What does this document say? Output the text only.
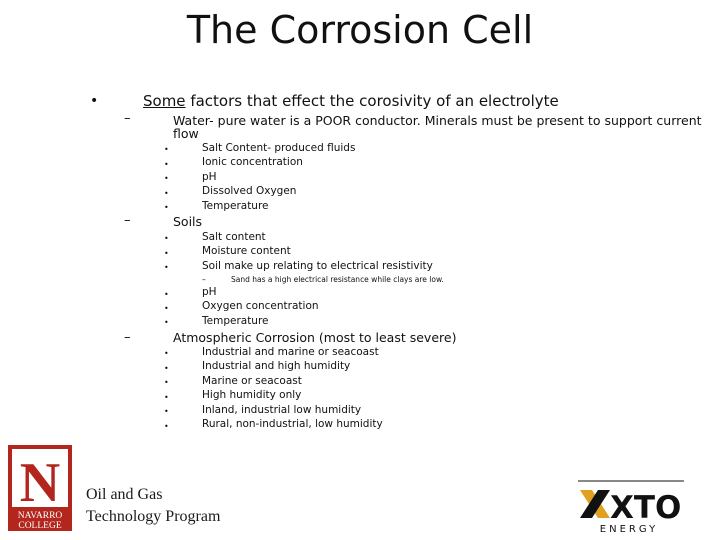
The Corrosion Cell
•	Some factors that effect the corosivity of an electrolyte
–	Water- pure water is a POOR conductor. Minerals must be present to support current
flow
•	Salt Content- produced fluids
•	Ionic concentration
•	pH
•	Dissolved Oxygen
•	Temperature
–	Soils
•	Salt content
•	Moisture content
•	Soil make up relating to electrical resistivity
–	Sand has a high electrical resistance while clays are low.
•	pH
•	Oxygen concentration
•	Temperature
–	Atmospheric Corrosion (most to least severe)
•	Industrial and marine or seacoast
•	Industrial and high humidity
•	Marine or seacoast
•	High humidity only
•	Inland, industrial low humidity
•	Rural, non-industrial, low humidity
N
NAVARRO
COLLEGE
Oil and Gas
Technology Program	XTO
ENERGY
